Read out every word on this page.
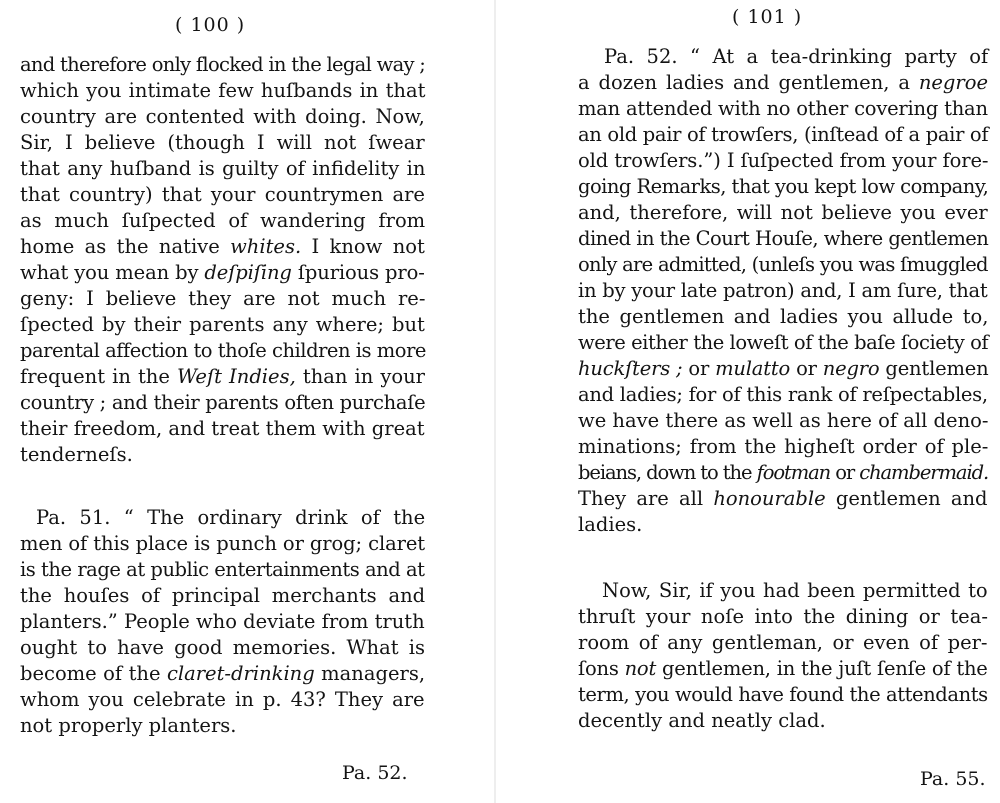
( 100 )
and therefore only flocked in the legal way ;
which you intimate few huſbands in that
country are contented with doing. Now,
Sir, I believe (though I will not ſwear
that any huſband is guilty of infidelity in
that country) that your countrymen are
as much ſuſpected of wandering from
home as the native whites. I know not
what you mean by deſpiſing ſpurious pro-
geny: I believe they are not much re-
ſpected by their parents any where; but
parental affection to thoſe children is more
frequent in the Weſt Indies, than in your
country ; and their parents often purchaſe
their freedom, and treat them with great
tenderneſs.
Pa. 51. “ The ordinary drink of the
men of this place is punch or grog; claret
is the rage at public entertainments and at
the houſes of principal merchants and
planters.” People who deviate from truth
ought to have good memories. What is
become of the claret-drinking managers,
whom you celebrate in p. 43? They are
not properly planters.
Pa. 52.
( 101 )
Pa. 52. “ At a tea-drinking party of
a dozen ladies and gentlemen, a negroe
man attended with no other covering than
an old pair of trowſers, (inſtead of a pair of
old trowſers.”) I ſuſpected from your fore-
going Remarks, that you kept low company,
and, therefore, will not believe you ever
dined in the Court Houſe, where gentlemen
only are admitted, (unleſs you was ſmuggled
in by your late patron) and, I am ſure, that
the gentlemen and ladies you allude to,
were either the loweſt of the baſe ſociety of
huckſters ; or mulatto or negro gentlemen
and ladies; for of this rank of reſpectables,
we have there as well as here of all deno-
minations; from the higheſt order of ple-
beians, down to the footman or chambermaid.
They are all honourable gentlemen and
ladies.
Now, Sir, if you had been permitted to
thruſt your noſe into the dining or tea-
room of any gentleman, or even of per-
ſons not gentlemen, in the juſt ſenſe of the
term, you would have found the attendants
decently and neatly clad.
Pa. 55.
